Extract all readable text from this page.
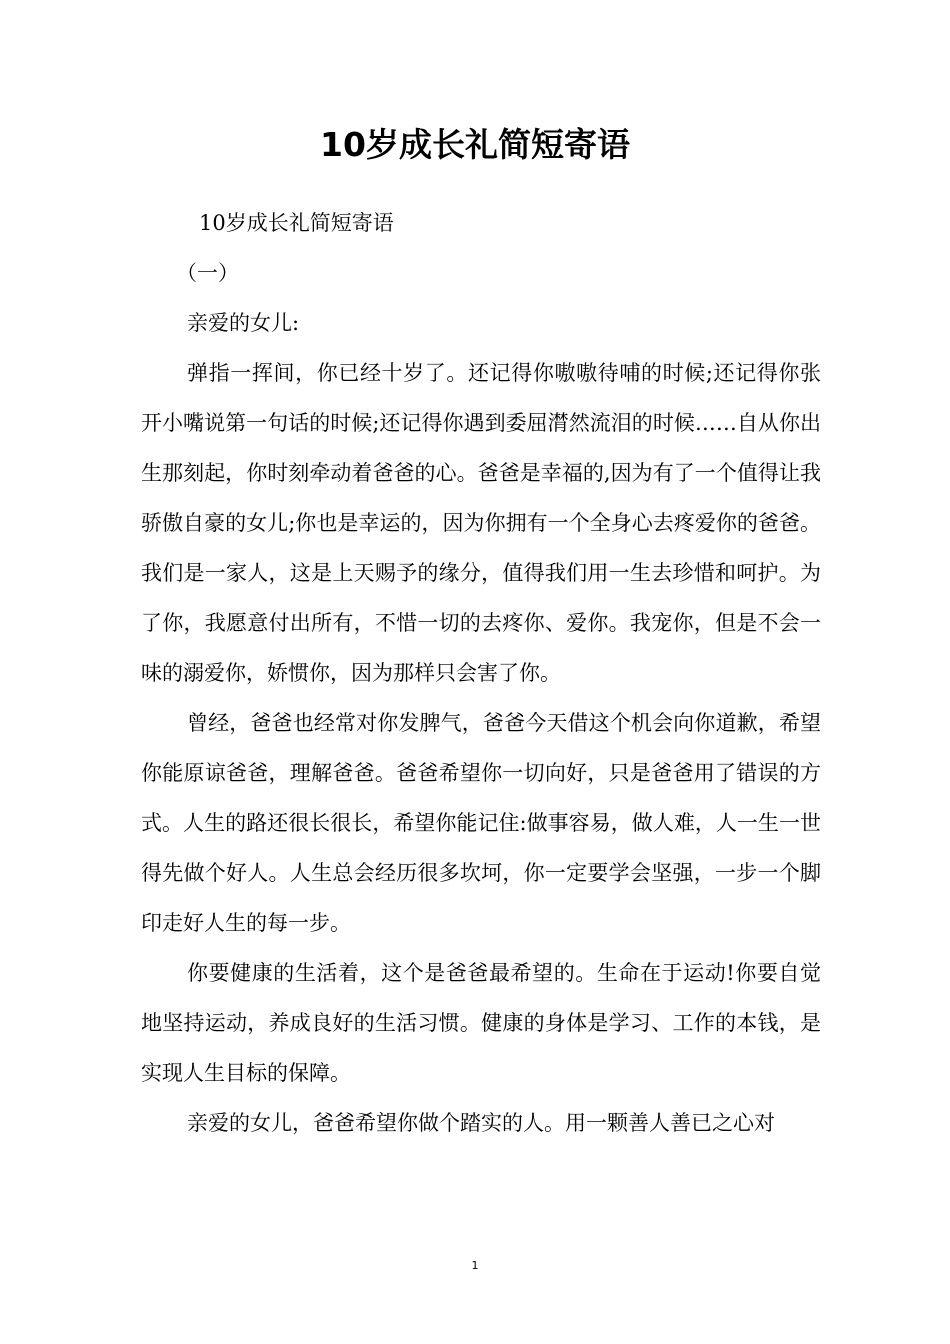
10岁成长礼简短寄语
10岁成长礼简短寄语
（一）
亲爱的女儿:

弹指一挥间，你已经十岁了。还记得你嗷嗷待哺的时候;还记得你张开小嘴说第一句话的时候;还记得你遇到委屈潸然流泪的时候……自从你出生那刻起，你时刻牵动着爸爸的心。爸爸是幸福的,因为有了一个值得让我骄傲自豪的女儿;你也是幸运的，因为你拥有一个全身心去疼爱你的爸爸。我们是一家人，这是上天赐予的缘分，值得我们用一生去珍惜和呵护。为了你，我愿意付出所有，不惜一切的去疼你、爱你。我宠你，但是不会一味的溺爱你，娇惯你，因为那样只会害了你。

曾经，爸爸也经常对你发脾气，爸爸今天借这个机会向你道歉，希望你能原谅爸爸，理解爸爸。爸爸希望你一切向好，只是爸爸用了错误的方式。人生的路还很长很长，希望你能记住:做事容易，做人难，人一生一世得先做个好人。人生总会经历很多坎坷，你一定要学会坚强，一步一个脚印走好人生的每一步。

你要健康的生活着，这个是爸爸最希望的。生命在于运动!你要自觉地坚持运动，养成良好的生活习惯。健康的身体是学习、工作的本钱，是实现人生目标的保障。

亲爱的女儿，爸爸希望你做个踏实的人。用一颗善人善已之心对

1
